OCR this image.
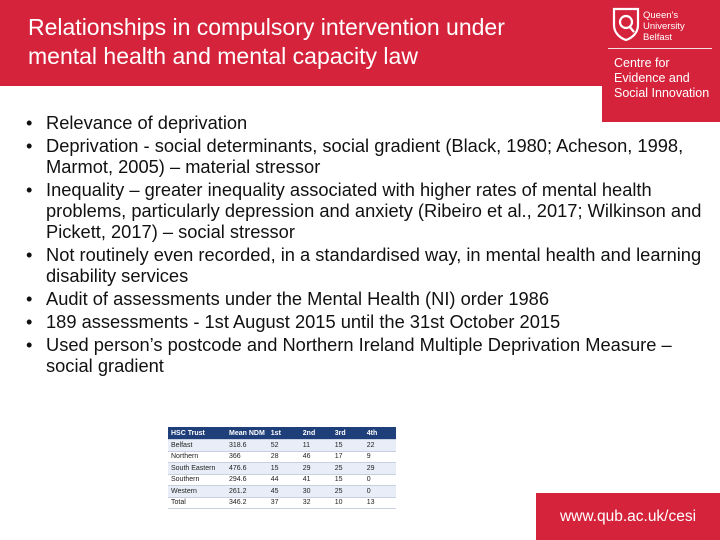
Relationships in compulsory intervention under
mental health and mental capacity law
Queen's University
Belfast
Centre for
Evidence and
Social Innovation
• Relevance of deprivation
• Deprivation - social determinants, social gradient (Black, 1980; Acheson, 1998, Marmot, 2005) – material stressor
• Inequality – greater inequality associated with higher rates of mental health problems, particularly depression and anxiety (Ribeiro et al., 2017; Wilkinson and Pickett, 2017) – social stressor
• Not routinely even recorded, in a standardised way, in mental health and learning disability services
• Audit of assessments under the Mental Health (NI) order 1986
• 189 assessments - 1st August 2015 until the 31st October 2015
• Used person’s postcode and Northern Ireland Multiple Deprivation Measure – social gradient
HSC Trust	Mean NDM	1st	2nd	3rd	4th
Belfast	318.6	52	11	15	22
Northern	366	28	46	17	9
South Eastern	476.6	15	29	25	29
Southern	294.6	44	41	15	0
Western	261.2	45	30	25	0
Total	346.2	37	32	10	13
www.qub.ac.uk/cesi
